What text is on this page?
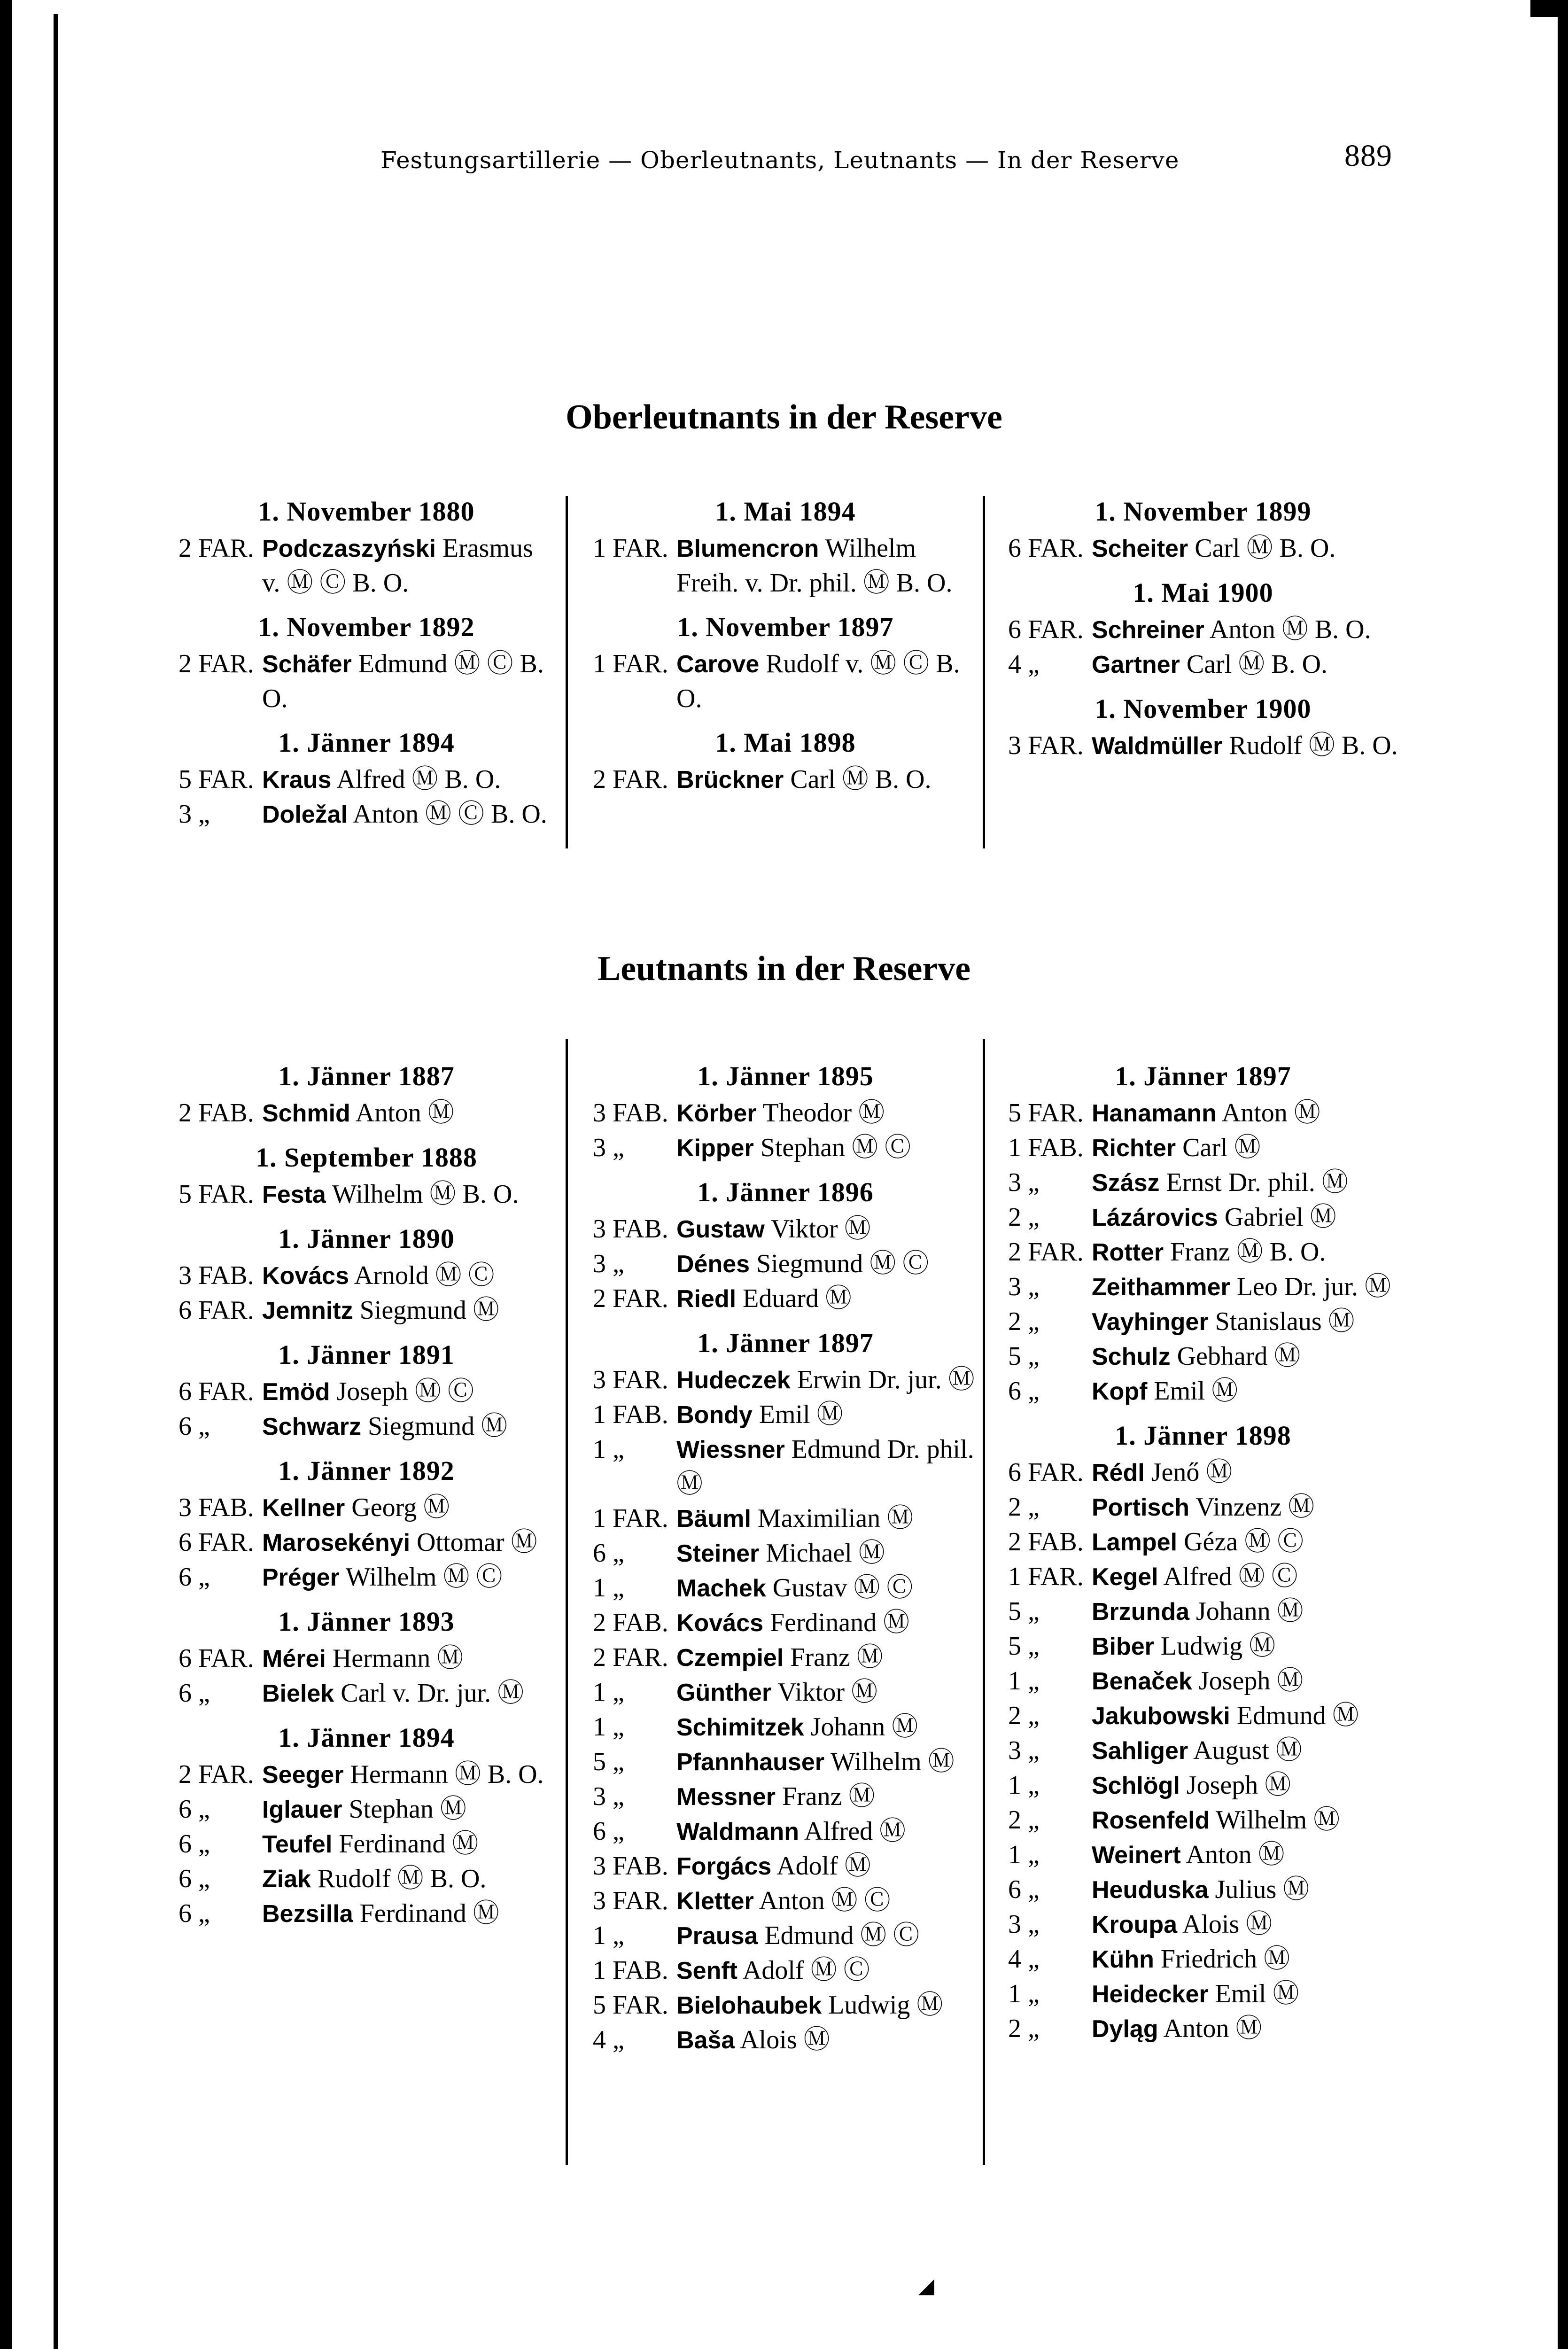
Festungsartillerie — Oberleutnants, Leutnants — In der Reserve	889
Oberleutnants in der Reserve
1. November 1880
2 FAR. Podczaszyński Erasmus v. Ⓜ Ⓒ B. O.
1. November 1892
2 FAR. Schäfer Edmund Ⓜ Ⓒ B. O.
1. Jänner 1894
5 FAR. Kraus Alfred Ⓜ B. O.
3 „	Doležal Anton Ⓜ Ⓒ B. O.
1. Mai 1894
1 FAR. Blumencron Wilhelm Freih. v. Dr. phil. Ⓜ B. O.
1. November 1897
1 FAR. Carove Rudolf v. Ⓜ Ⓒ B. O.
1. Mai 1898
2 FAR. Brückner Carl Ⓜ B. O.
1. November 1899
6 FAR. Scheiter Carl Ⓜ B. O.
1. Mai 1900
6 FAR. Schreiner Anton Ⓜ B. O.
4 „	Gartner Carl Ⓜ B. O.
1. November 1900
3 FAR. Waldmüller Rudolf Ⓜ B. O.
Leutnants in der Reserve
1. Jänner 1887
2 FAB. Schmid Anton Ⓜ
1. September 1888
5 FAR. Festa Wilhelm Ⓜ B. O.
1. Jänner 1890
3 FAB. Kovács Arnold Ⓜ Ⓒ
6 FAR. Jemnitz Siegmund Ⓜ
1. Jänner 1891
6 FAR. Emöd Joseph Ⓜ Ⓒ
6 „	Schwarz Siegmund Ⓜ
1. Jänner 1892
3 FAB. Kellner Georg Ⓜ
6 FAR. Marosekényi Ottomar Ⓜ
6 „	Préger Wilhelm Ⓜ Ⓒ
1. Jänner 1893
6 FAR. Mérei Hermann Ⓜ
6 „	Bielek Carl v. Dr. jur. Ⓜ
1. Jänner 1894
2 FAR. Seeger Hermann Ⓜ B. O.
6 „	Iglauer Stephan Ⓜ
6 „	Teufel Ferdinand Ⓜ
6 „	Ziak Rudolf Ⓜ B. O.
6 „	Bezsilla Ferdinand Ⓜ
1. Jänner 1895
3 FAB. Körber Theodor Ⓜ
3 „	Kipper Stephan Ⓜ Ⓒ
1. Jänner 1896
3 FAB. Gustaw Viktor Ⓜ
3 „	Dénes Siegmund Ⓜ Ⓒ
2 FAR. Riedl Eduard Ⓜ
1. Jänner 1897
3 FAR. Hudeczek Erwin Dr. jur. Ⓜ
1 FAB. Bondy Emil Ⓜ
1 „	Wiessner Edmund Dr. phil. Ⓜ
1 FAR. Bäuml Maximilian Ⓜ
6 „	Steiner Michael Ⓜ
1 „	Machek Gustav Ⓜ Ⓒ
2 FAB. Kovács Ferdinand Ⓜ
2 FAR. Czempiel Franz Ⓜ
1 „	Günther Viktor Ⓜ
1 „	Schimitzek Johann Ⓜ
5 „	Pfannhauser Wilhelm Ⓜ
3 „	Messner Franz Ⓜ
6 „	Waldmann Alfred Ⓜ
3 FAB. Forgács Adolf Ⓜ
3 FAR. Kletter Anton Ⓜ Ⓒ
1 „	Prausa Edmund Ⓜ Ⓒ
1 FAB. Senft Adolf Ⓜ Ⓒ
5 FAR. Bielohaubek Ludwig Ⓜ
4 „	Baša Alois Ⓜ
1. Jänner 1897
5 FAR. Hanamann Anton Ⓜ
1 FAB. Richter Carl Ⓜ
3 „	Szász Ernst Dr. phil. Ⓜ
2 „	Lázárovics Gabriel Ⓜ
2 FAR. Rotter Franz Ⓜ B. O.
3 „	Zeithammer Leo Dr. jur. Ⓜ
2 „	Vayhinger Stanislaus Ⓜ
5 „	Schulz Gebhard Ⓜ
6 „	Kopf Emil Ⓜ
1. Jänner 1898
6 FAR. Rédl Jenő Ⓜ
2 „	Portisch Vinzenz Ⓜ
2 FAB. Lampel Géza Ⓜ Ⓒ
1 FAR. Kegel Alfred Ⓜ Ⓒ
5 „	Brzunda Johann Ⓜ
5 „	Biber Ludwig Ⓜ
1 „	Benaček Joseph Ⓜ
2 „	Jakubowski Edmund Ⓜ
3 „	Sahliger August Ⓜ
1 „	Schlögl Joseph Ⓜ
2 „	Rosenfeld Wilhelm Ⓜ
1 „	Weinert Anton Ⓜ
6 „	Heuduska Julius Ⓜ
3 „	Kroupa Alois Ⓜ
4 „	Kühn Friedrich Ⓜ
1 „	Heidecker Emil Ⓜ
2 „	Dyląg Anton Ⓜ
◢
